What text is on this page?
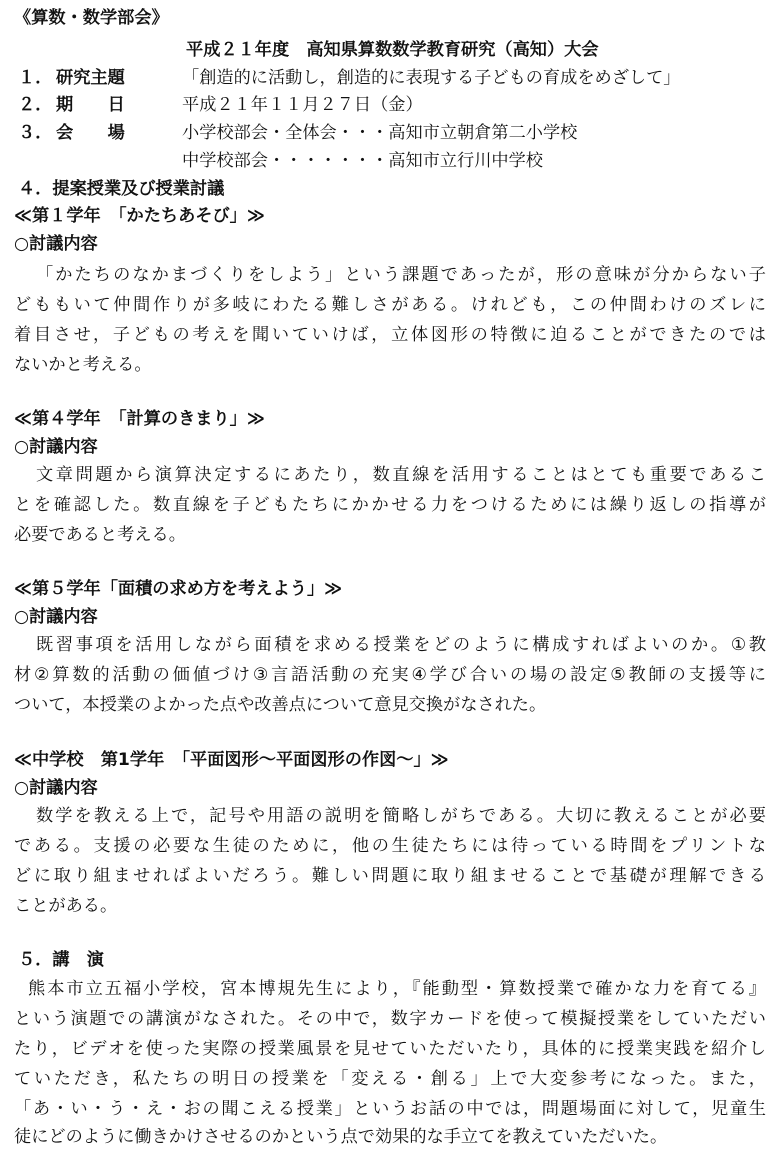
《算数・数学部会》
平成２１年度　高知県算数数学教育研究（高知）大会
１． 研究主題	「創造的に活動し，創造的に表現する子どもの育成をめざして」
２． 期　　日	平成２１年１１月２７日（金）
３． 会　　場	小学校部会・全体会・・・高知市立朝倉第二小学校
中学校部会・・・・・・・高知市立行川中学校
４．提案授業及び授業討議
≪第１学年　「かたちあそび」≫
○討議内容
「かたちのなかまづくりをしよう」という課題であったが，形の意味が分からない子
どももいて仲間作りが多岐にわたる難しさがある。けれども，この仲間わけのズレに
着目させ，子どもの考えを聞いていけば，立体図形の特徴に迫ることができたのでは
ないかと考える。
≪第４学年　「計算のきまり」≫
○討議内容
文章問題から演算決定するにあたり，数直線を活用することはとても重要であるこ
とを確認した。数直線を子どもたちにかかせる力をつけるためには繰り返しの指導が
必要であると考える。
≪第５学年「面積の求め方を考えよう」≫
○討議内容
既習事項を活用しながら面積を求める授業をどのように構成すればよいのか。①教
材②算数的活動の価値づけ③言語活動の充実④学び合いの場の設定⑤教師の支援等に
ついて，本授業のよかった点や改善点について意見交換がなされた。
≪中学校　第1学年　「平面図形～平面図形の作図～」≫
○討議内容
数学を教える上で，記号や用語の説明を簡略しがちである。大切に教えることが必要
である。支援の必要な生徒のために，他の生徒たちには待っている時間をプリントな
どに取り組ませればよいだろう。難しい問題に取り組ませることで基礎が理解できる
ことがある。
５．講　演
熊本市立五福小学校，宮本博規先生により，『能動型・算数授業で確かな力を育てる』
という演題での講演がなされた。その中で，数字カードを使って模擬授業をしていただい
たり，ビデオを使った実際の授業風景を見せていただいたり，具体的に授業実践を紹介し
ていただき，私たちの明日の授業を「変える・創る」上で大変参考になった。また，
「あ・い・う・え・おの聞こえる授業」というお話の中では，問題場面に対して，児童生
徒にどのように働きかけさせるのかという点で効果的な手立てを教えていただいた。
